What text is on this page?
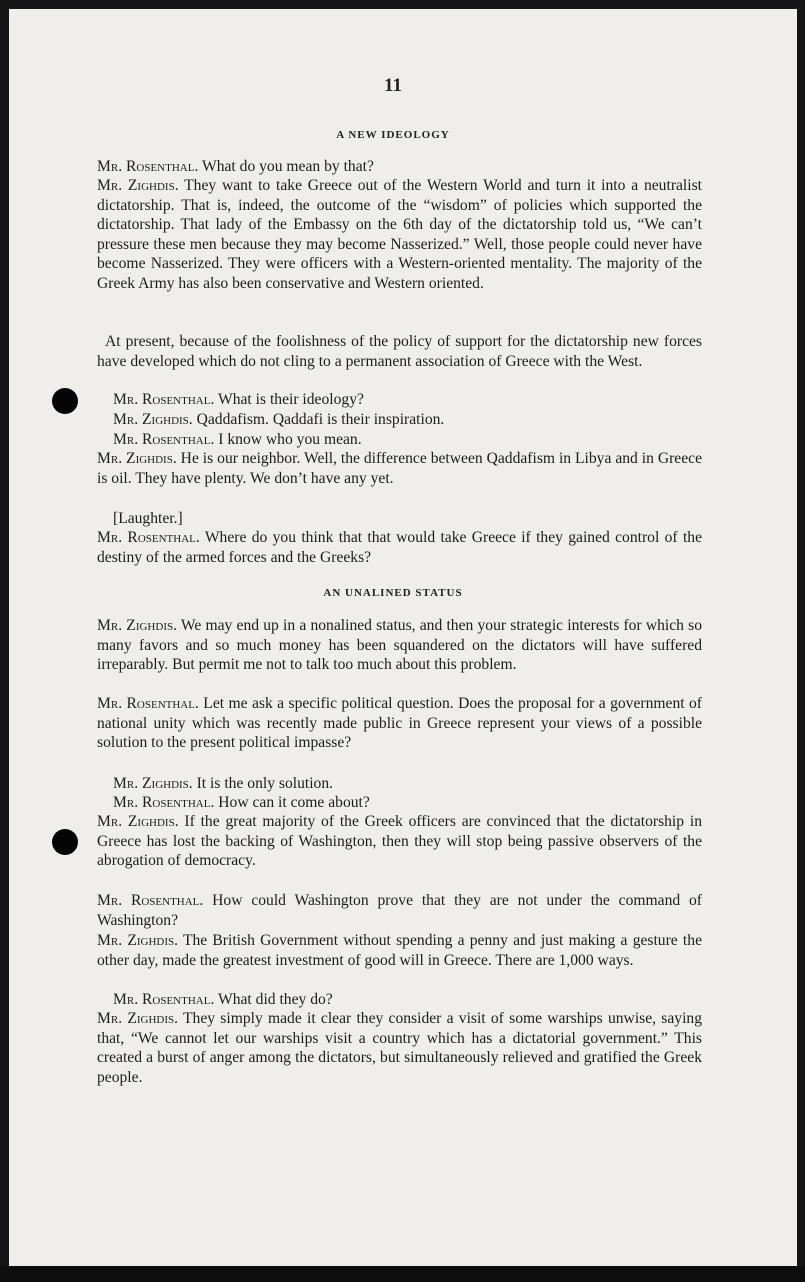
11
A NEW IDEOLOGY

Mr. Rosenthal. What do you mean by that?

Mr. Zighdis. They want to take Greece out of the Western World and turn it into a neutralist dictatorship. That is, indeed, the outcome of the “wisdom” of policies which supported the dictatorship. That lady of the Embassy on the 6th day of the dictatorship told us, “We can’t pressure these men because they may become Nasserized.” Well, those people could never have become Nasserized. They were officers with a Western-oriented mentality. The majority of the Greek Army has also been conservative and Western oriented.

At present, because of the foolishness of the policy of support for the dictatorship new forces have developed which do not cling to a permanent association of Greece with the West.

Mr. Rosenthal. What is their ideology?

Mr. Zighdis. Qaddafism. Qaddafi is their inspiration.

Mr. Rosenthal. I know who you mean.

Mr. Zighdis. He is our neighbor. Well, the difference between Qaddafism in Libya and in Greece is oil. They have plenty. We don’t have any yet.

[Laughter.]

Mr. Rosenthal. Where do you think that that would take Greece if they gained control of the destiny of the armed forces and the Greeks?

AN UNALINED STATUS

Mr. Zighdis. We may end up in a nonalined status, and then your strategic interests for which so many favors and so much money has been squandered on the dictators will have suffered irreparably. But permit me not to talk too much about this problem.

Mr. Rosenthal. Let me ask a specific political question. Does the proposal for a government of national unity which was recently made public in Greece represent your views of a possible solution to the present political impasse?

Mr. Zighdis. It is the only solution.

Mr. Rosenthal. How can it come about?

Mr. Zighdis. If the great majority of the Greek officers are convinced that the dictatorship in Greece has lost the backing of Washington, then they will stop being passive observers of the abrogation of democracy.

Mr. Rosenthal. How could Washington prove that they are not under the command of Washington?

Mr. Zighdis. The British Government without spending a penny and just making a gesture the other day, made the greatest investment of good will in Greece. There are 1,000 ways.

Mr. Rosenthal. What did they do?

Mr. Zighdis. They simply made it clear they consider a visit of some warships unwise, saying that, “We cannot let our warships visit a country which has a dictatorial government.” This created a burst of anger among the dictators, but simultaneously relieved and gratified the Greek people.
